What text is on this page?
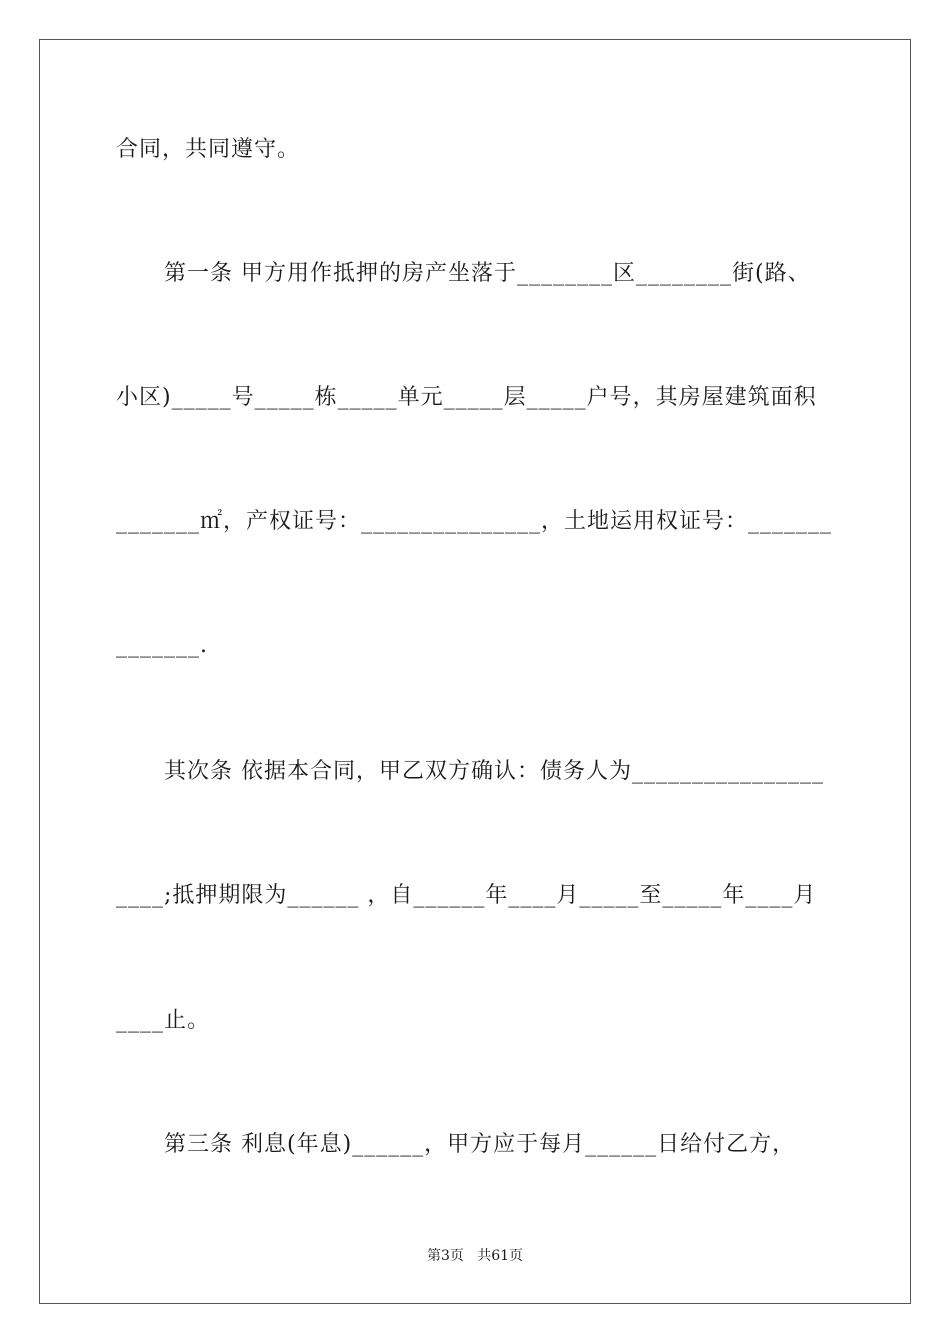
合同，共同遵守。
第一条 甲方用作抵押的房产坐落于________区________街(路、
小区)_____号_____栋_____单元_____层_____户号，其房屋建筑面积
_______㎡，产权证号：_______________，土地运用权证号：_______
_______.
其次条 依据本合同，甲乙双方确认：债务人为________________
____;抵押期限为______ ，自______年____月_____至_____年____月
____止。
第三条 利息(年息)______，甲方应于每月______日给付乙方，
第3页   共61页
